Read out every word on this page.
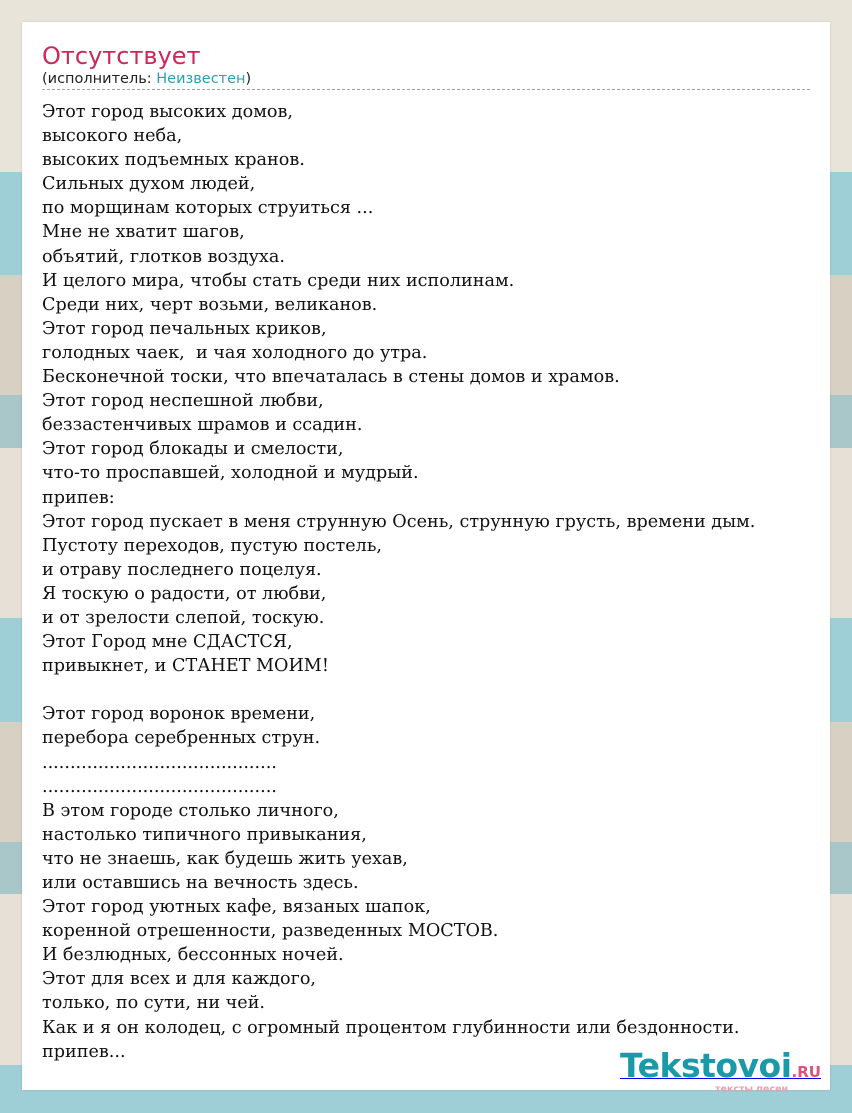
Отсутствует
(исполнитель: Неизвестен)
Этот город высоких домов,
высокого неба,
высоких подъемных кранов.
Сильных духом людей,
по морщинам которых струиться ...
Мне не хватит шагов,
объятий, глотков воздуха.
И целого мира, чтобы стать среди них исполинам.
Среди них, черт возьми, великанов.
Этот город печальных криков,
голодных чаек,  и чая холодного до утра.
Бесконечной тоски, что впечаталась в стены домов и храмов.
Этот город неспешной любви,
беззастенчивых шрамов и ссадин.
Этот город блокады и смелости,
что-то проспавшей, холодной и мудрый.
припев:
Этот город пускает в меня струнную Осень, струнную грусть, времени дым.
Пустоту переходов, пустую постель,
и отраву последнего поцелуя.
Я тоскую о радости, от любви,
и от зрелости слепой, тоскую.
Этот Город мне СДАСТСЯ,
привыкнет, и СТАНЕТ МОИМ!
Этот город воронок времени,
перебора серебренных струн.
..........................................
..........................................
В этом городе столько личного,
настолько типичного привыкания,
что не знаешь, как будешь жить уехав,
или оставшись на вечность здесь.
Этот город уютных кафе, вязаных шапок,
коренной отрешенности, разведенных МОСТОВ.
И безлюдных, бессонных ночей.
Этот для всех и для каждого,
только, по сути, ни чей.
Как и я он колодец, с огромный процентом глубинности или бездонности.
припев...	Tekstovoi.RU
тексты песен
